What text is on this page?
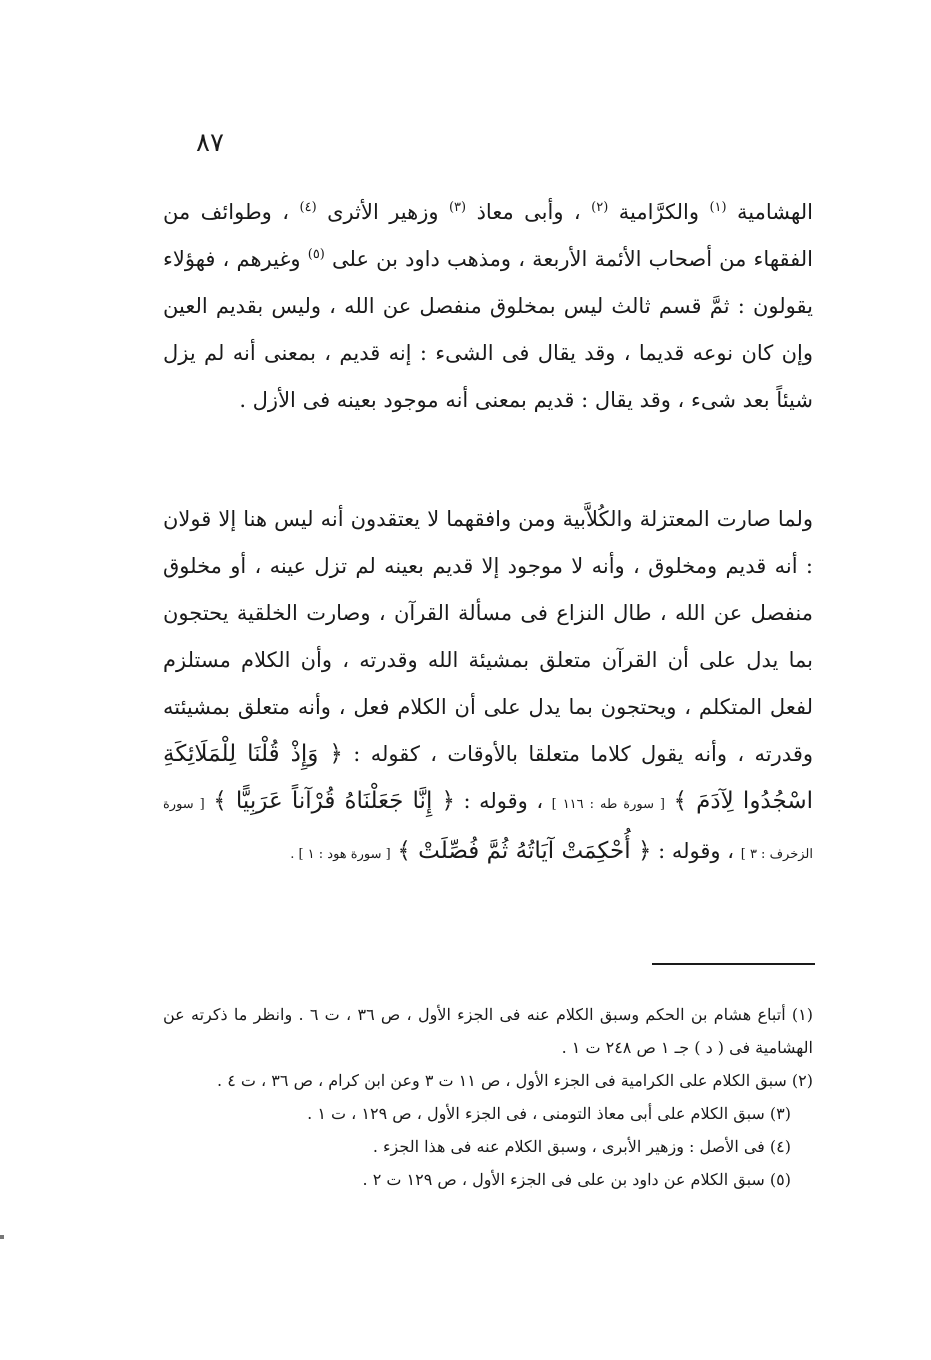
٨٧

الهشامية $^{(١)}$ والكرَّامية $^{(٢)}$ ، وأبى معاذ $^{(٣)}$ وزهير الأثرى $^{(٤)}$ ، وطوائف من الفقهاء من أصحاب الأئمة الأربعة ، ومذهب داود بن على $^{(٥)}$ وغيرهم ، فهؤلاء يقولون : ثمَّ قسم ثالث ليس بمخلوق منفصل عن الله ، وليس بقديم العين وإن كان نوعه قديما ، وقد يقال فى الشىء : إنه قديم ، بمعنى أنه لم يزل شيئاً بعد شىء ، وقد يقال : قديم بمعنى أنه موجود بعينه فى الأزل .

ولما صارت المعتزلة والكُلاَّبية ومن وافقهما لا يعتقدون أنه ليس هنا إلا قولان : أنه قديم ومخلوق ، وأنه لا موجود إلا قديم بعينه لم تزل عينه ، أو مخلوق منفصل عن الله ، طال النزاع فى مسألة القرآن ، وصارت الخلقية يحتجون بما يدل على أن القرآن متعلق بمشيئة الله وقدرته ، وأن الكلام مستلزم لفعل المتكلم ، ويحتجون بما يدل على أن الكلام فعل ، وأنه متعلق بمشيئته وقدرته ، وأنه يقول كلاما متعلقا بالأوقات ، كقوله : ﴿ وَإِذْ قُلْنَا لِلْمَلَائِكَةِ اسْجُدُوا لِآدَمَ ﴾ [ سورة طه : ١١٦ ] ، وقوله : ﴿ إِنَّا جَعَلْنَاهُ قُرْآناً عَرَبِيًّا ﴾ [ سورة الزخرف : ٣ ] ، وقوله : ﴿ أُحْكِمَتْ آيَاتُهُ ثُمَّ فُصِّلَتْ ﴾ [ سورة هود : ١ ] .

(١) أتباع هشام بن الحكم وسبق الكلام عنه فى الجزء الأول ، ص ٣٦ ، ت ٦ . وانظر ما ذكرته عن الهشامية فى ( د ) جـ ١ ص ٢٤٨ ت ١ .
(٢) سبق الكلام على الكرامية فى الجزء الأول ، ص ١١ ت ٣ وعن ابن كرام ، ص ٣٦ ، ت ٤ .
(٣) سبق الكلام على أبى معاذ التومنى ، فى الجزء الأول ، ص ١٢٩ ، ت ١ .
(٤) فى الأصل : وزهير الأبرى ، وسبق الكلام عنه فى هذا الجزء .
(٥) سبق الكلام عن داود بن على فى الجزء الأول ، ص ١٢٩ ت ٢ .
